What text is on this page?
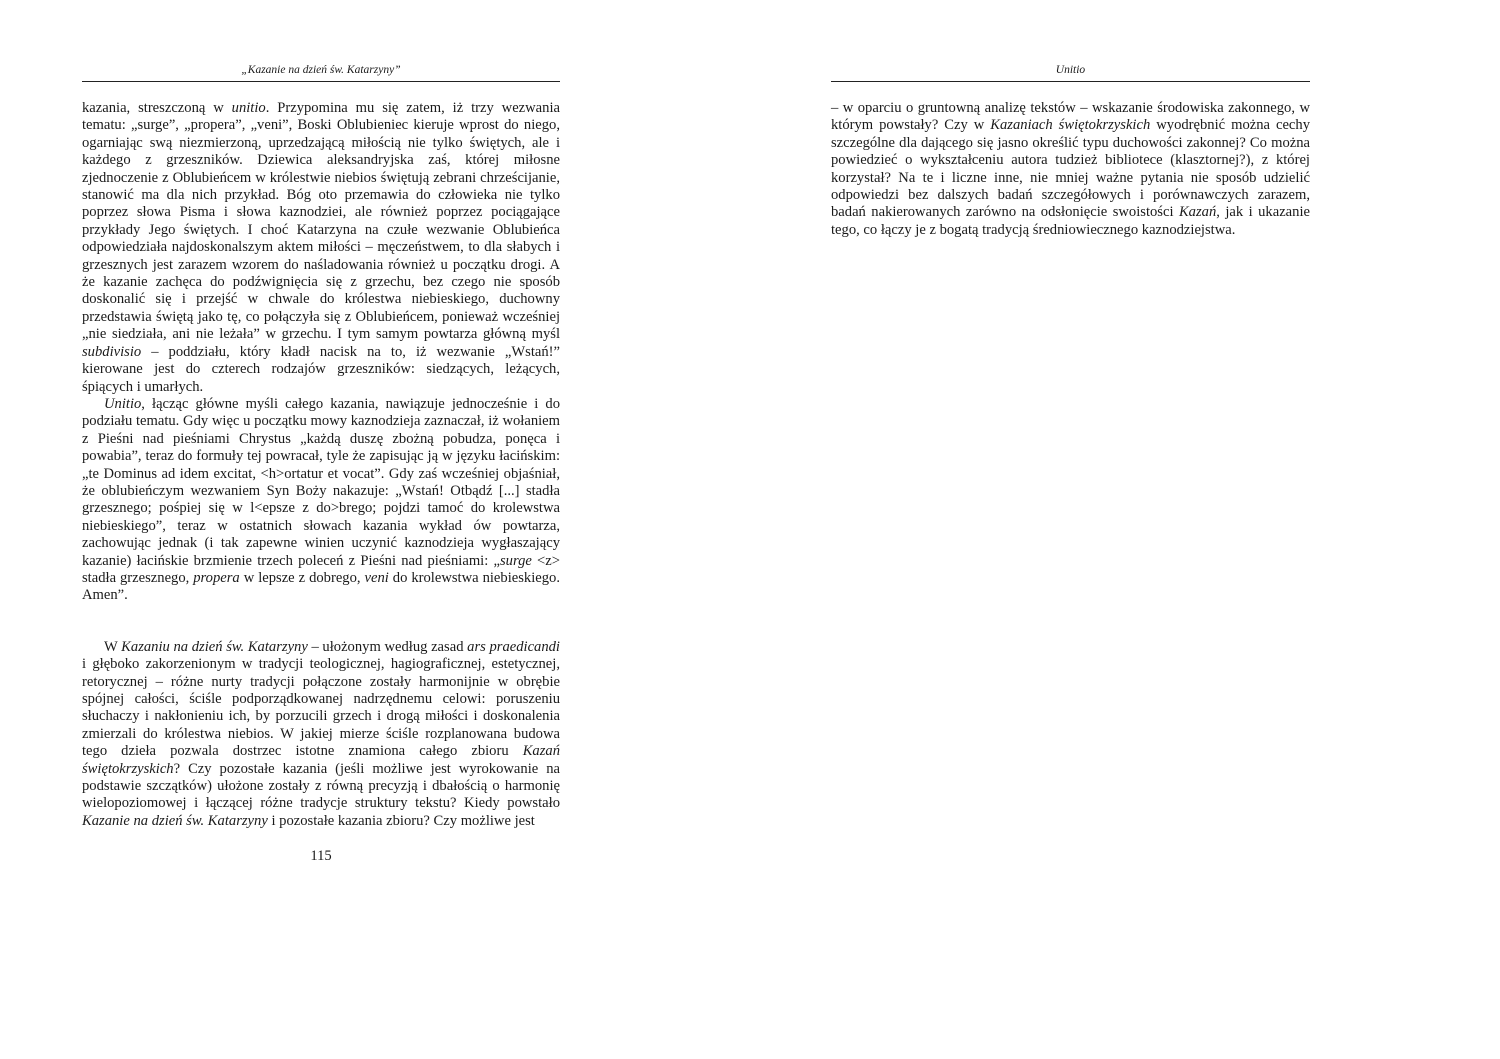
„Kazanie na dzień św. Katarzyny”

kazania, streszczoną w unitio. Przypomina mu się zatem, iż trzy wezwania tematu: „surge”, „propera”, „veni”, Boski Oblubieniec kieruje wprost do niego, ogarniając swą niezmierzoną, uprzedzającą miłością nie tylko świętych, ale i każdego z grzeszników. Dziewica aleksandryjska zaś, której miłosne zjednoczenie z Oblubieńcem w królestwie niebios świętują zebrani chrześcijanie, stanowić ma dla nich przykład. Bóg oto przemawia do człowieka nie tylko poprzez słowa Pisma i słowa kaznodziei, ale również poprzez pociągające przykłady Jego świętych. I choć Katarzyna na czułe wezwanie Oblubieńca odpowiedziała najdoskonalszym aktem miłości – męczeństwem, to dla słabych i grzesznych jest zarazem wzorem do naśladowania również u początku drogi. A że kazanie zachęca do podźwignięcia się z grzechu, bez czego nie sposób doskonalić się i przejść w chwale do królestwa niebieskiego, duchowny przedstawia świętą jako tę, co połączyła się z Oblubieńcem, ponieważ wcześniej „nie siedziała, ani nie leżała” w grzechu. I tym samym powtarza główną myśl subdivisio – poddziału, który kładł nacisk na to, iż wezwanie „Wstań!” kierowane jest do czterech rodzajów grzeszników: siedzących, leżących, śpiących i umarłych.

Unitio, łącząc główne myśli całego kazania, nawiązuje jednocześnie i do podziału tematu. Gdy więc u początku mowy kaznodzieja zaznaczał, iż wołaniem z Pieśni nad pieśniami Chrystus „każdą duszę zbożną pobudza, ponęca i powabia”, teraz do formuły tej powracał, tyle że zapisując ją w języku łacińskim: „te Dominus ad idem excitat, <h>ortatur et vocat”. Gdy zaś wcześniej objaśniał, że oblubieńczym wezwaniem Syn Boży nakazuje: „Wstań! Otbądź [...] stadła grzesznego; pośpiej się w l<epsze z do>brego; pojdzi tamoć do krolewstwa niebieskiego”, teraz w ostatnich słowach kazania wykład ów powtarza, zachowując jednak (i tak zapewne winien uczynić kaznodzieja wygłaszający kazanie) łacińskie brzmienie trzech poleceń z Pieśni nad pieśniami: „surge <z> stadła grzesznego, propera w lepsze z dobrego, veni do krolewstwa niebieskiego. Amen”.

W Kazaniu na dzień św. Katarzyny – ułożonym według zasad ars praedicandi i głęboko zakorzenionym w tradycji teologicznej, hagiograficznej, estetycznej, retorycznej – różne nurty tradycji połączone zostały harmonijnie w obrębie spójnej całości, ściśle podporządkowanej nadrzędnemu celowi: poruszeniu słuchaczy i nakłonieniu ich, by porzucili grzech i drogą miłości i doskonalenia zmierzali do królestwa niebios. W jakiej mierze ściśle rozplanowana budowa tego dzieła pozwala dostrzec istotne znamiona całego zbioru Kazań świętokrzyskich? Czy pozostałe kazania (jeśli możliwe jest wyrokowanie na podstawie szczątków) ułożone zostały z równą precyzją i dbałością o harmonię wielopoziomowej i łączącej różne tradycje struktury tekstu? Kiedy powstało Kazanie na dzień św. Katarzyny i pozostałe kazania zbioru? Czy możliwe jest

115
Unitio

– w oparciu o gruntowną analizę tekstów – wskazanie środowiska zakonnego, w którym powstały? Czy w Kazaniach świętokrzyskich wyodrębnić można cechy szczególne dla dającego się jasno określić typu duchowości zakonnej? Co można powiedzieć o wykształceniu autora tudzież bibliotece (klasztornej?), z której korzystał? Na te i liczne inne, nie mniej ważne pytania nie sposób udzielić odpowiedzi bez dalszych badań szczegółowych i porównawczych zarazem, badań nakierowanych zarówno na odsłonięcie swoistości Kazań, jak i ukazanie tego, co łączy je z bogatą tradycją średniowiecznego kaznodziejstwa.
